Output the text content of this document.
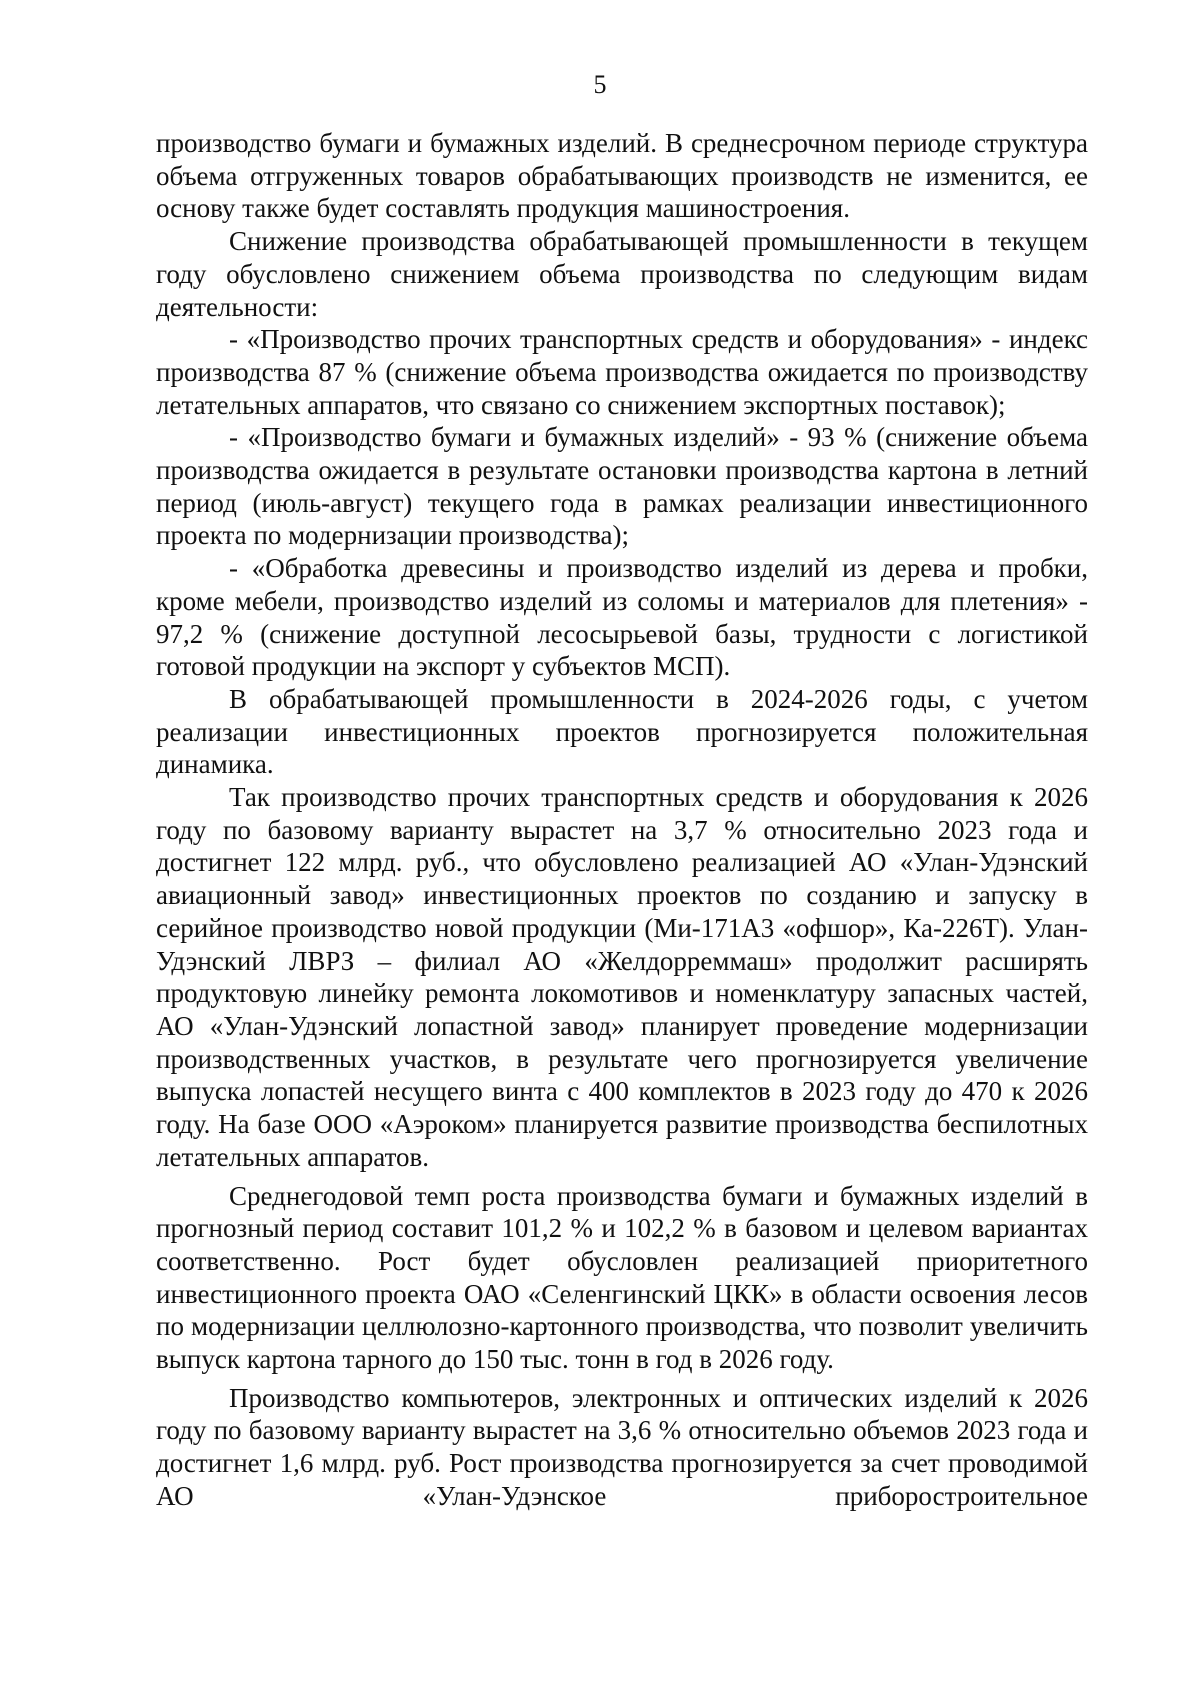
5

производство бумаги и бумажных изделий. В среднесрочном периоде структура объема отгруженных товаров обрабатывающих производств не изменится, ее основу также будет составлять продукция машиностроения.

Снижение производства обрабатывающей промышленности в текущем году обусловлено снижением объема производства по следующим видам деятельности:

- «Производство прочих транспортных средств и оборудования» - индекс производства 87 % (снижение объема производства ожидается по производству летательных аппаратов, что связано со снижением экспортных поставок);

- «Производство бумаги и бумажных изделий» - 93 % (снижение объема производства ожидается в результате остановки производства картона в летний период (июль-август) текущего года в рамках реализации инвестиционного проекта по модернизации производства);

- «Обработка древесины и производство изделий из дерева и пробки, кроме мебели, производство изделий из соломы и материалов для плетения» - 97,2 % (снижение доступной лесосырьевой базы, трудности с логистикой готовой продукции на экспорт у субъектов МСП).

В обрабатывающей промышленности в 2024-2026 годы, с учетом реализации инвестиционных проектов прогнозируется положительная динамика.

Так производство прочих транспортных средств и оборудования к 2026 году по базовому варианту вырастет на 3,7 % относительно 2023 года и достигнет 122 млрд. руб., что обусловлено реализацией АО «Улан-Удэнский авиационный завод» инвестиционных проектов по созданию и запуску в серийное производство новой продукции (Ми-171А3 «офшор», Ка-226Т). Улан-Удэнский ЛВРЗ – филиал АО «Желдорреммаш» продолжит расширять продуктовую линейку ремонта локомотивов и номенклатуру запасных частей, АО «Улан-Удэнский лопастной завод» планирует проведение модернизации производственных участков, в результате чего прогнозируется увеличение выпуска лопастей несущего винта с 400 комплектов в 2023 году до 470 к 2026 году. На базе ООО «Аэроком» планируется развитие производства беспилотных летательных аппаратов.

Среднегодовой темп роста производства бумаги и бумажных изделий в прогнозный период составит 101,2 % и 102,2 % в базовом и целевом вариантах соответственно. Рост будет обусловлен реализацией приоритетного инвестиционного проекта ОАО «Селенгинский ЦКК» в области освоения лесов по модернизации целлюлозно-картонного производства, что позволит увеличить выпуск картона тарного до 150 тыс. тонн в год в 2026 году.

Производство компьютеров, электронных и оптических изделий к 2026 году по базовому варианту вырастет на 3,6 % относительно объемов 2023 года и достигнет 1,6 млрд. руб. Рост производства прогнозируется за счет проводимой АО «Улан-Удэнское приборостроительное
